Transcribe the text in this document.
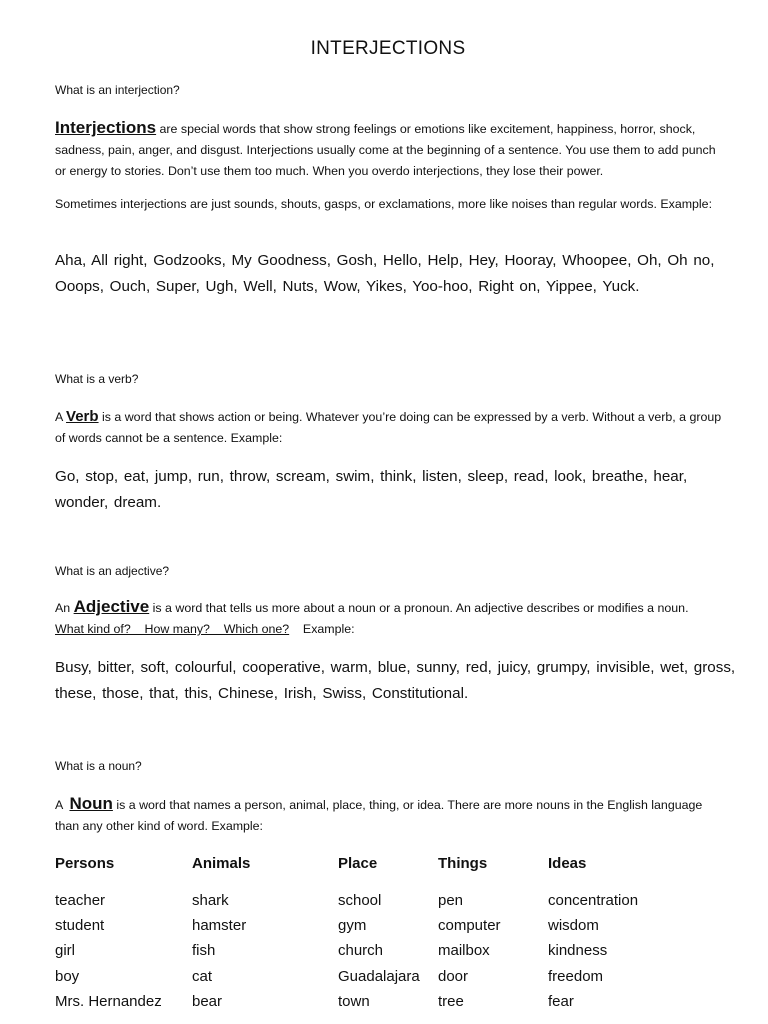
INTERJECTIONS

What is an interjection?

Interjections are special words that show strong feelings or emotions like excitement, happiness, horror, shock, sadness, pain, anger, and disgust. Interjections usually come at the beginning of a sentence. You use them to add punch or energy to stories. Don’t use them too much. When you overdo interjections, they lose their power.

Sometimes interjections are just sounds, shouts, gasps, or exclamations, more like noises than regular words. Example:

Aha, All right, Godzooks, My Goodness, Gosh, Hello, Help, Hey, Hooray, Whoopee, Oh, Oh no, Ooops, Ouch, Super, Ugh, Well, Nuts, Wow, Yikes, Yoo-hoo, Right on, Yippee, Yuck.

What is a verb?

A Verb is a word that shows action or being. Whatever you’re doing can be expressed by a verb. Without a verb, a group of words cannot be a sentence. Example:

Go, stop, eat, jump, run, throw, scream, swim, think, listen, sleep, read, look, breathe, hear, wonder, dream.

What is an adjective?

An Adjective is a word that tells us more about a noun or a pronoun. An adjective describes or modifies a noun.
What kind of?    How many?    Which one?    Example:

Busy, bitter, soft, colourful, cooperative, warm, blue, sunny, red, juicy, grumpy, invisible, wet, gross, these, those, that, this, Chinese, Irish, Swiss, Constitutional.

What is a noun?

A  Noun is a word that names a person, animal, place, thing, or idea. There are more nouns in the English language than any other kind of word. Example:

Persons
teacher
student
girl
boy
Mrs. Hernandez
Animals
shark
hamster
fish
cat
bear
Place
school
gym
church
Guadalajara
town
Things
pen
computer
mailbox
door
tree
Ideas
concentration
wisdom
kindness
freedom
fear
